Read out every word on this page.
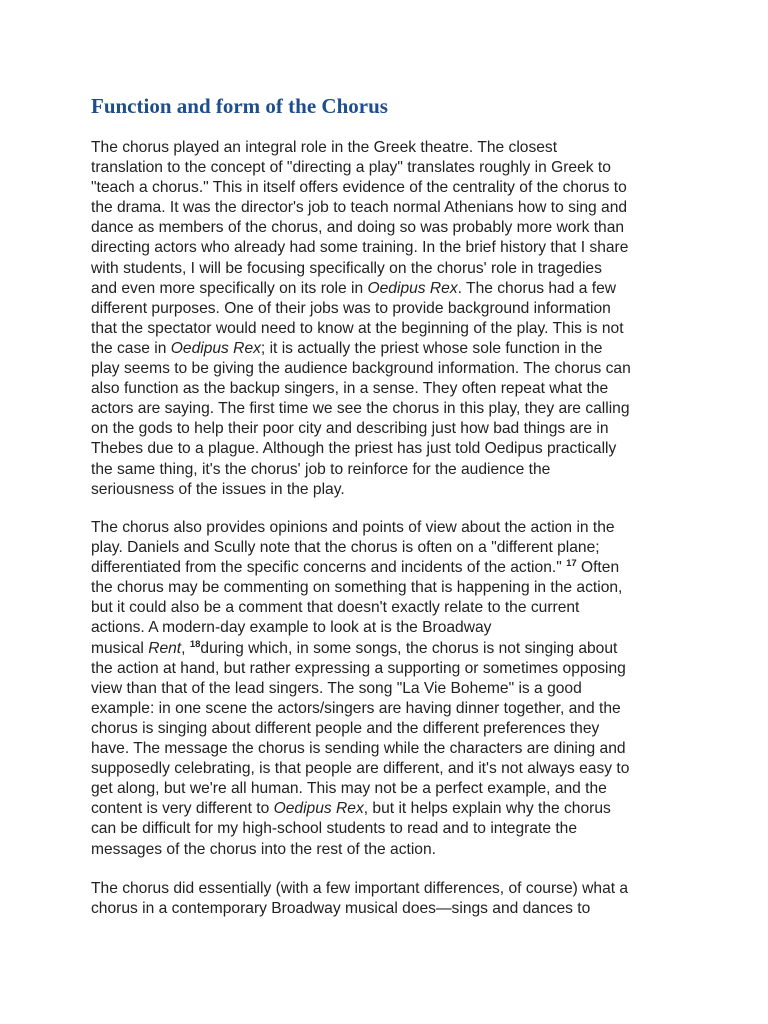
Function and form of the Chorus
The chorus played an integral role in the Greek theatre. The closest
translation to the concept of "directing a play" translates roughly in Greek to
"teach a chorus." This in itself offers evidence of the centrality of the chorus to
the drama. It was the director's job to teach normal Athenians how to sing and
dance as members of the chorus, and doing so was probably more work than
directing actors who already had some training. In the brief history that I share
with students, I will be focusing specifically on the chorus' role in tragedies
and even more specifically on its role in Oedipus Rex. The chorus had a few
different purposes. One of their jobs was to provide background information
that the spectator would need to know at the beginning of the play. This is not
the case in Oedipus Rex; it is actually the priest whose sole function in the
play seems to be giving the audience background information. The chorus can
also function as the backup singers, in a sense. They often repeat what the
actors are saying. The first time we see the chorus in this play, they are calling
on the gods to help their poor city and describing just how bad things are in
Thebes due to a plague. Although the priest has just told Oedipus practically
the same thing, it's the chorus' job to reinforce for the audience the
seriousness of the issues in the play.
The chorus also provides opinions and points of view about the action in the
play. Daniels and Scully note that the chorus is often on a "different plane;
differentiated from the specific concerns and incidents of the action." $^{17}$ Often
the chorus may be commenting on something that is happening in the action,
but it could also be a comment that doesn't exactly relate to the current
actions. A modern-day example to look at is the Broadway
musical Rent, $^{18}$during which, in some songs, the chorus is not singing about
the action at hand, but rather expressing a supporting or sometimes opposing
view than that of the lead singers. The song "La Vie Boheme" is a good
example: in one scene the actors/singers are having dinner together, and the
chorus is singing about different people and the different preferences they
have. The message the chorus is sending while the characters are dining and
supposedly celebrating, is that people are different, and it's not always easy to
get along, but we're all human. This may not be a perfect example, and the
content is very different to Oedipus Rex, but it helps explain why the chorus
can be difficult for my high-school students to read and to integrate the
messages of the chorus into the rest of the action.
The chorus did essentially (with a few important differences, of course) what a
chorus in a contemporary Broadway musical does—sings and dances to
